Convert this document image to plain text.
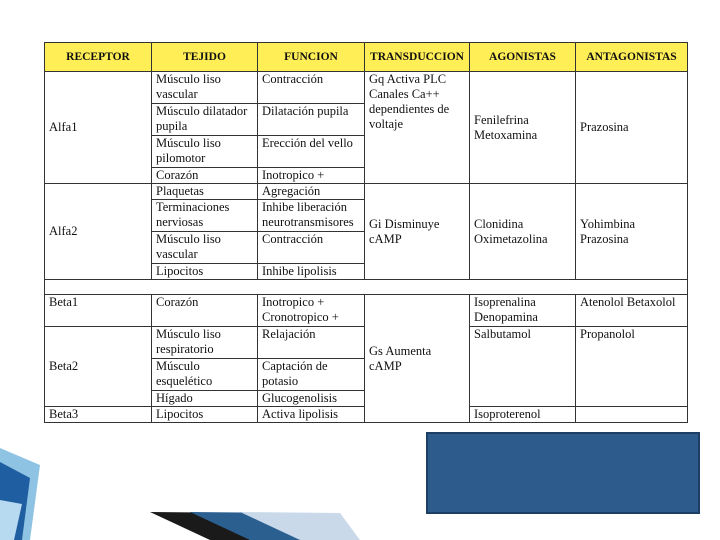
RECEPTOR	TEJIDO	FUNCION	TRANSDUCCION	AGONISTAS	ANTAGONISTAS
Alfa1	Músculo liso vascular	Contracción	Gq Activa PLC Canales Ca++ dependientes de voltaje	Fenilefrina Metoxamina	Prazosina
	Músculo dilatador pupila	Dilatación pupila			
	Músculo liso pilomotor	Erección del vello			
	Corazón	Inotropico +			
Alfa2	Plaquetas	Agregación	Gi Disminuye cAMP	Clonidina Oximetazolina	Yohimbina Prazosina
	Terminaciones nerviosas	Inhibe liberación neurotransmisores			
	Músculo liso vascular	Contracción			
	Lipocitos	Inhibe lipolisis			

Beta1	Corazón	Inotropico + Cronotropico +	Gs Aumenta cAMP	Isoprenalina Denopamina	Atenolol Betaxolol
Beta2	Músculo liso respiratorio	Relajación		Salbutamol	Propanolol
	Músculo esquelético	Captación de potasio			
	Hígado	Glucogenolisis			
Beta3	Lipocitos	Activa lipolisis		Isoproterenol	
